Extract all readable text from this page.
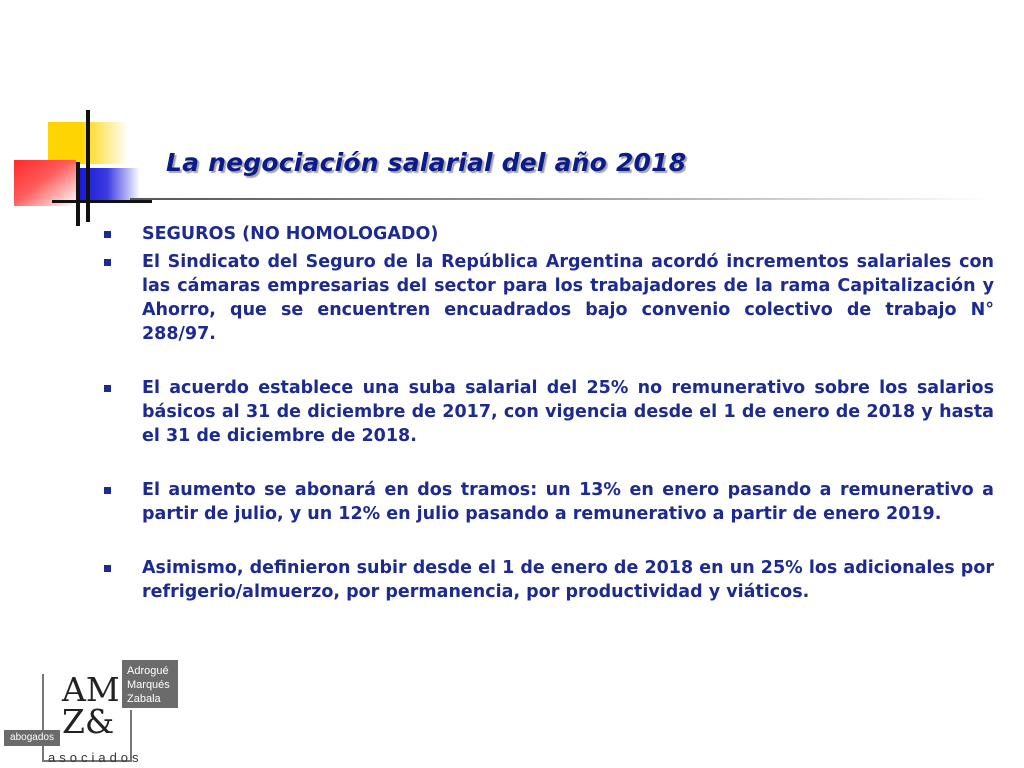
La negociación salarial del año 2018

SEGUROS (NO HOMOLOGADO)

El Sindicato del Seguro de la República Argentina acordó incrementos salariales con las cámaras empresarias del sector para los trabajadores de la rama Capitalización y Ahorro, que se encuentren encuadrados bajo convenio colectivo de trabajo N° 288/97.

El acuerdo establece una suba salarial del 25% no remunerativo sobre los salarios básicos al 31 de diciembre de 2017, con vigencia desde el 1 de enero de 2018 y hasta el 31 de diciembre de 2018.

El aumento se abonará en dos tramos: un 13% en enero pasando a remunerativo a partir de julio, y un 12% en julio pasando a remunerativo a partir de enero 2019.

Asimismo, definieron subir desde el 1 de enero de 2018 en un 25% los adicionales por refrigerio/almuerzo, por permanencia, por productividad y viáticos.

Adrogué
Marqués
Zabala
AM
Z&
abogados
asociados
